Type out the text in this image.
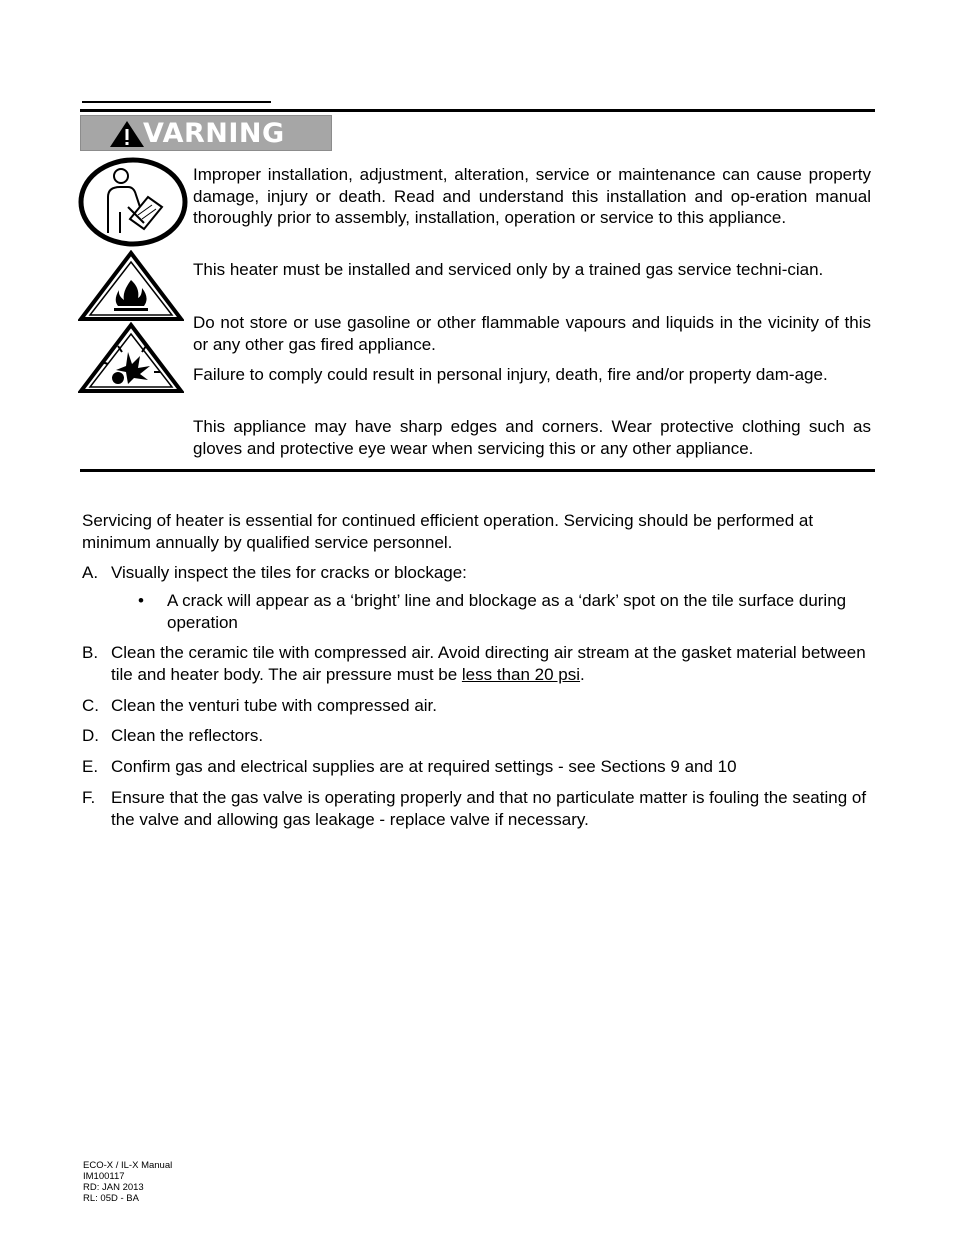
VARNING
Improper installation, adjustment, alteration, service or maintenance can cause property damage, injury or death. Read and understand this installation and op-eration manual thoroughly prior to assembly, installation, operation or service to this appliance.
This heater must be installed and serviced only by a trained gas service techni-cian.
Do not store or use gasoline or other flammable vapours and liquids in the vicinity of this or any other gas fired appliance.
Failure to comply could result in personal injury, death, fire and/or property dam-age.
This appliance may have sharp edges and corners. Wear protective clothing such as gloves and protective eye wear when servicing this or any other appliance.
Servicing of heater is essential for continued efficient operation. Servicing should be performed at minimum annually by qualified service personnel.
A. Visually inspect the tiles for cracks or blockage:
• A crack will appear as a ‘bright’ line and blockage as a ‘dark’ spot on the tile surface during operation
B. Clean the ceramic tile with compressed air. Avoid directing air stream at the gasket material between tile and heater body. The air pressure must be less than 20 psi.
C. Clean the venturi tube with compressed air.
D. Clean the reflectors.
E. Confirm gas and electrical supplies are at required settings - see Sections 9 and 10
F. Ensure that the gas valve is operating properly and that no particulate matter is fouling the seating of the valve and allowing gas leakage - replace valve if necessary.
ECO-X / IL-X Manual
IM100117
RD: JAN 2013
RL: 05D - BA
